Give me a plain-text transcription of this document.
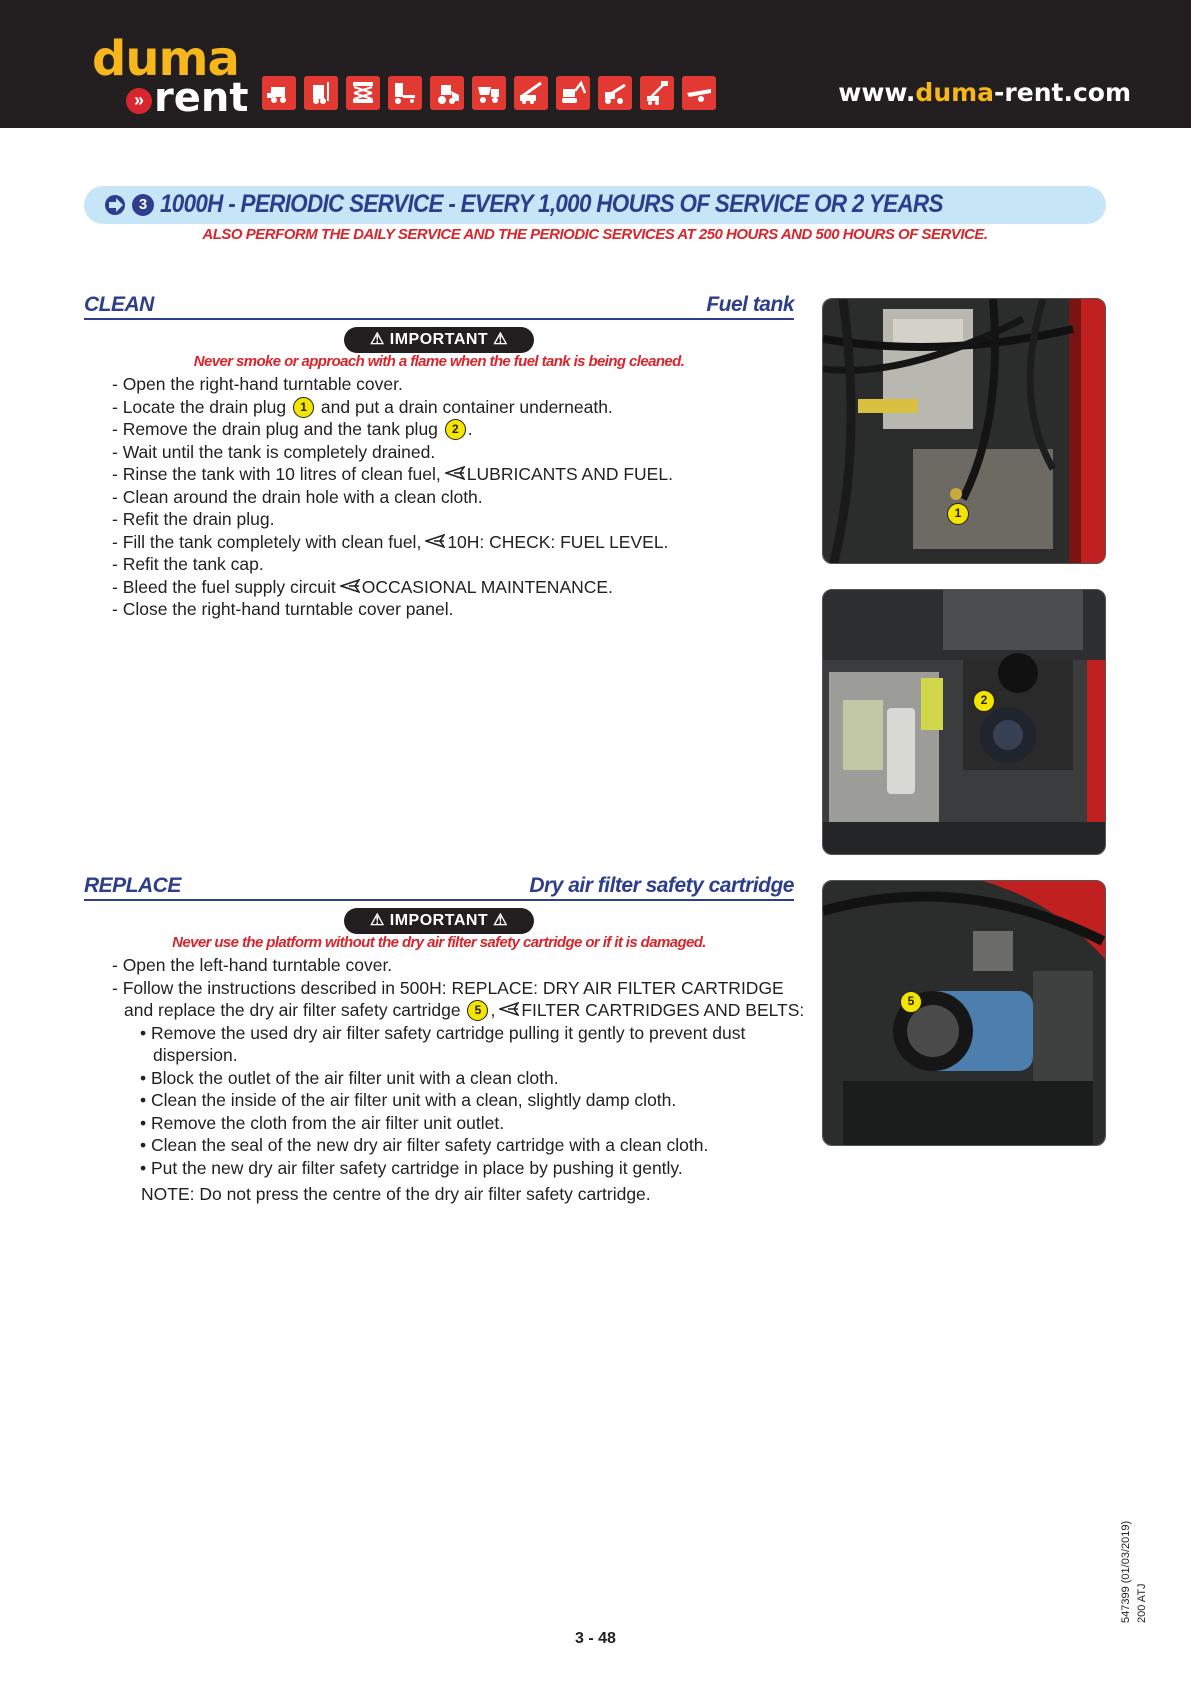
duma
» rent	www.duma-rent.com
3 1000H - PERIODIC SERVICE - EVERY 1,000 HOURS OF SERVICE OR 2 YEARS
ALSO PERFORM THE DAILY SERVICE AND THE PERIODIC SERVICES AT 250 HOURS AND 500 HOURS OF SERVICE.
CLEAN	Fuel tank
⚠ IMPORTANT ⚠
Never smoke or approach with a flame when the fuel tank is being cleaned.
- Open the right-hand turntable cover.
- Locate the drain plug 1 and put a drain container underneath.
- Remove the drain plug and the tank plug 2 .
- Wait until the tank is completely drained.
- Rinse the tank with 10 litres of clean fuel, LUBRICANTS AND FUEL.
- Clean around the drain hole with a clean cloth.
- Refit the drain plug.
- Fill the tank completely with clean fuel, 10H: CHECK: FUEL LEVEL.
- Refit the tank cap.
- Bleed the fuel supply circuit OCCASIONAL MAINTENANCE.
- Close the right-hand turntable cover panel.
REPLACE	Dry air filter safety cartridge
⚠ IMPORTANT ⚠
Never use the platform without the dry air filter safety cartridge or if it is damaged.
- Open the left-hand turntable cover.
- Follow the instructions described in 500H: REPLACE: DRY AIR FILTER CARTRIDGE
and replace the dry air filter safety cartridge 5 , FILTER CARTRIDGES AND BELTS:
• Remove the used dry air filter safety cartridge pulling it gently to prevent dust
dispersion.
• Block the outlet of the air filter unit with a clean cloth.
• Clean the inside of the air filter unit with a clean, slightly damp cloth.
• Remove the cloth from the air filter unit outlet.
• Clean the seal of the new dry air filter safety cartridge with a clean cloth.
• Put the new dry air filter safety cartridge in place by pushing it gently.
NOTE: Do not press the centre of the dry air filter safety cartridge.
1
2
5
547399 (01/03/2019) 200 ATJ
3 - 48
